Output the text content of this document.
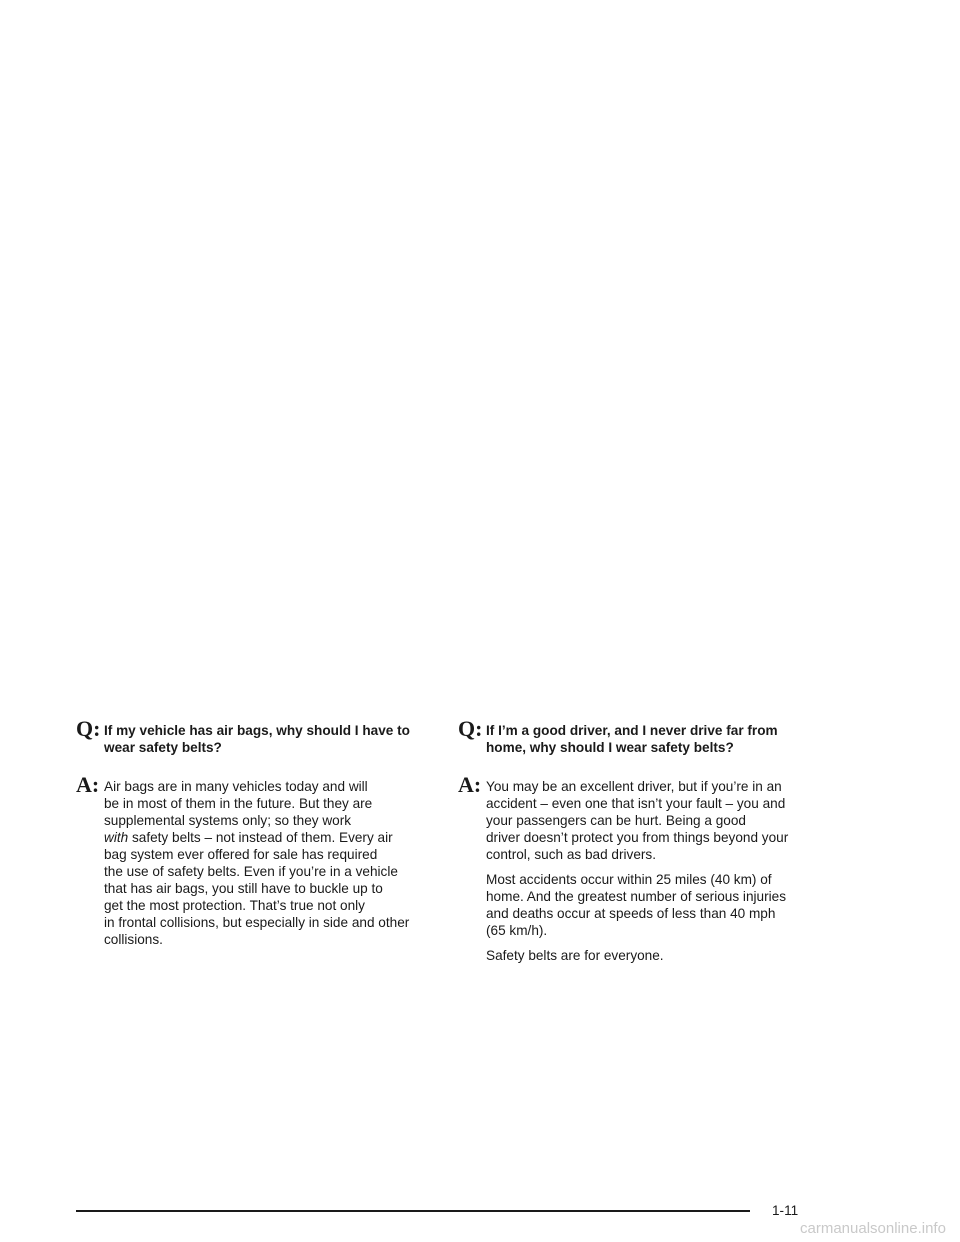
Q: If my vehicle has air bags, why should I have to
wear safety belts?
A: Air bags are in many vehicles today and will
be in most of them in the future. But they are
supplemental systems only; so they work
with safety belts – not instead of them. Every air
bag system ever offered for sale has required
the use of safety belts. Even if you’re in a vehicle
that has air bags, you still have to buckle up to
get the most protection. That’s true not only
in frontal collisions, but especially in side and other
collisions.
Q: If I’m a good driver, and I never drive far from
home, why should I wear safety belts?
A: You may be an excellent driver, but if you’re in an
accident – even one that isn’t your fault – you and
your passengers can be hurt. Being a good
driver doesn’t protect you from things beyond your
control, such as bad drivers.
Most accidents occur within 25 miles (40 km) of
home. And the greatest number of serious injuries
and deaths occur at speeds of less than 40 mph
(65 km/h).
Safety belts are for everyone.
1-11
carmanualsonline.info
